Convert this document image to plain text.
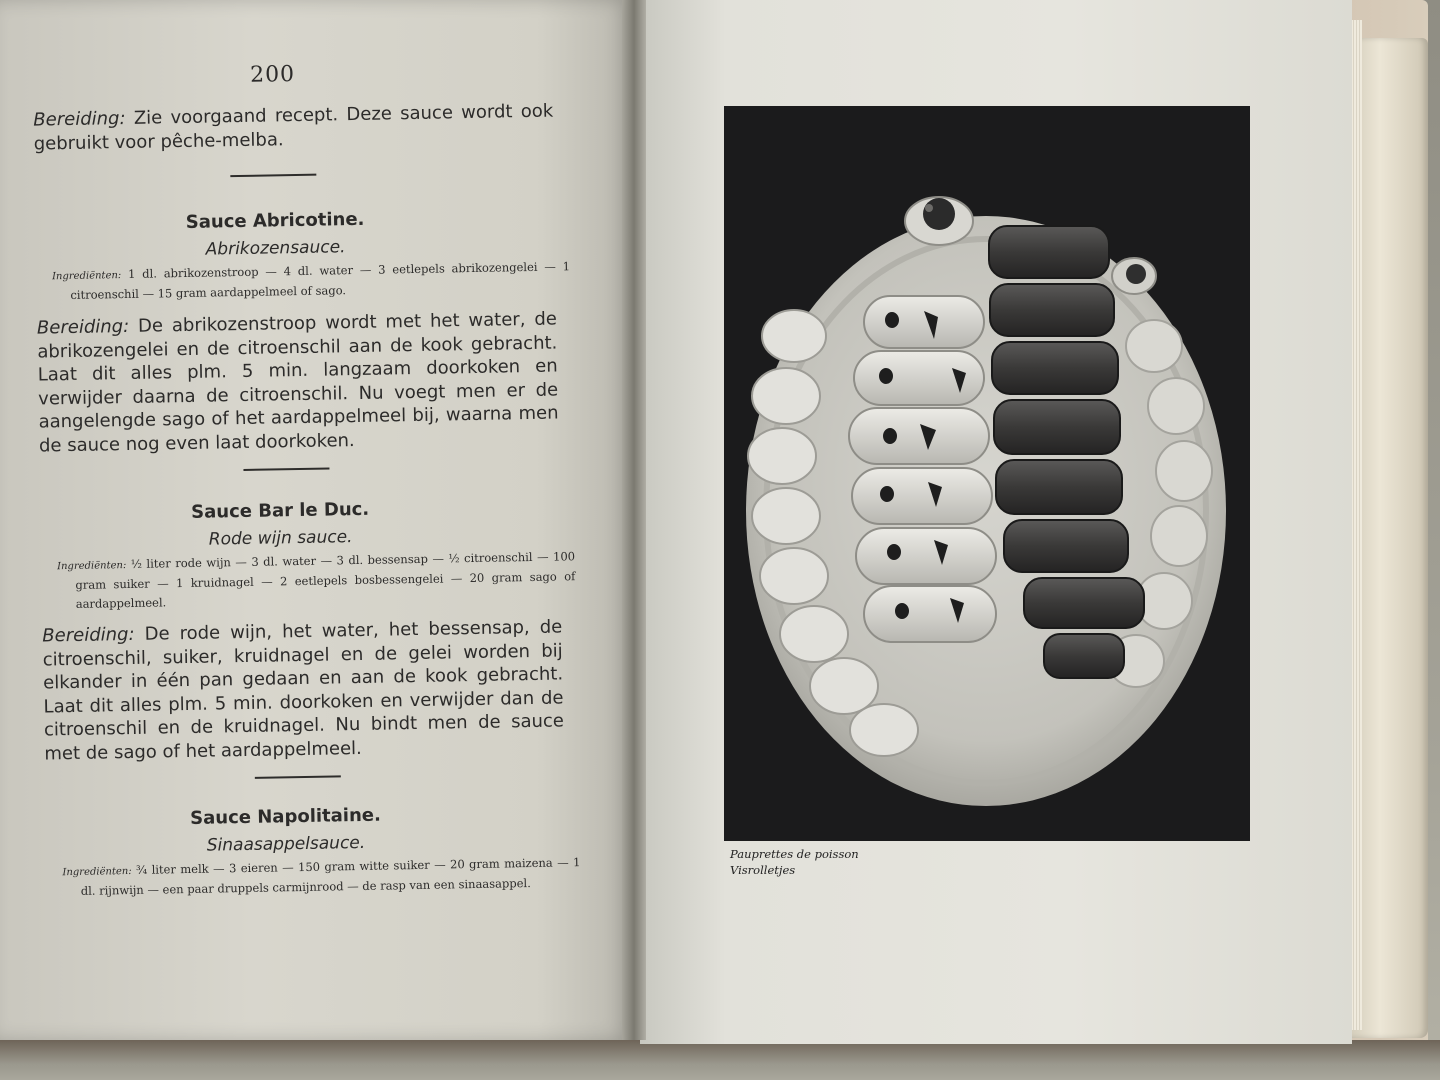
200
Bereiding: Zie voorgaand recept. Deze sauce wordt ook gebruikt voor pêche-melba.
Sauce Abricotine.
Abrikozensauce.
Ingrediënten: 1 dl. abrikozenstroop — 4 dl. water — 3 eetlepels abrikozengelei — 1 citroenschil — 15 gram aardappelmeel of sago.
Bereiding: De abrikozenstroop wordt met het water, de abrikozengelei en de citroenschil aan de kook gebracht. Laat dit alles plm. 5 min. langzaam doorkoken en verwijder daarna de citroenschil. Nu voegt men er de aangelengde sago of het aardappelmeel bij, waarna men de sauce nog even laat doorkoken.
Sauce Bar le Duc.
Rode wijn sauce.
Ingrediënten: ½ liter rode wijn — 3 dl. water — 3 dl. bessensap — ½ citroenschil — 100 gram suiker — 1 kruidnagel — 2 eetlepels bosbessengelei — 20 gram sago of aardappelmeel.
Bereiding: De rode wijn, het water, het bessensap, de citroenschil, suiker, kruidnagel en de gelei worden bij elkander in één pan gedaan en aan de kook gebracht. Laat dit alles plm. 5 min. doorkoken en verwijder dan de citroenschil en de kruidnagel. Nu bindt men de sauce met de sago of het aardappelmeel.
Sauce Napolitaine.
Sinaasappelsauce.
Ingrediënten: ¾ liter melk — 3 eieren — 150 gram witte suiker — 20 gram maizena — 1 dl. rijnwijn — een paar druppels carmijnrood — de rasp van een sinaasappel.
Pauprettes de poisson
Visrolletjes
